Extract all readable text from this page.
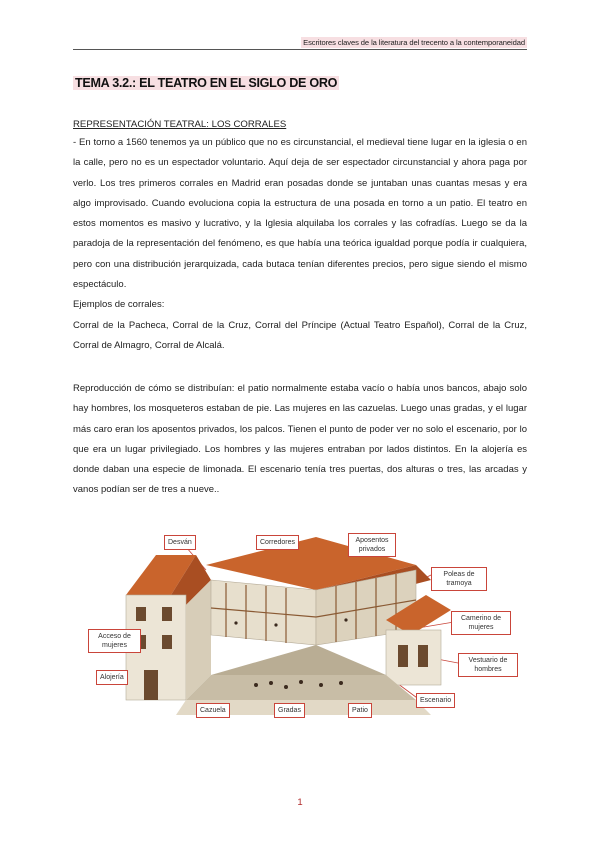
Escritores claves de la literatura del trecento a la contemporaneidad
TEMA 3.2.: EL TEATRO EN EL SIGLO DE ORO
REPRESENTACIÓN TEATRAL: LOS CORRALES

- En torno a 1560 tenemos ya un público que no es circunstancial, el medieval tiene lugar en la iglesia o en la calle, pero no es un espectador voluntario. Aquí deja de ser espectador circunstancial y ahora paga por verlo. Los tres primeros corrales en Madrid eran posadas donde se juntaban unas cuantas mesas y era algo improvisado. Cuando evoluciona copia la estructura de una posada en torno a un patio. El teatro en estos momentos es masivo y lucrativo, y la Iglesia alquilaba los corrales y las cofradías. Luego se da la paradoja de la representación del fenómeno, es que había una teórica igualdad porque podía ir cualquiera, pero con una distribución jerarquizada, cada butaca tenían diferentes precios, pero sigue siendo el mismo espectáculo.
Ejemplos de corrales:
Corral de la Pacheca, Corral de la Cruz, Corral del Príncipe (Actual Teatro Español), Corral de la Cruz, Corral de Almagro, Corral de Alcalá.

Reproducción de cómo se distribuían: el patio normalmente estaba vacío o había unos bancos, abajo solo hay hombres, los mosqueteros estaban de pie. Las mujeres en las cazuelas. Luego unas gradas, y el lugar más caro eran los aposentos privados, los palcos. Tienen el punto de poder ver no solo el escenario, por lo que era un lugar privilegiado. Los hombres y las mujeres entraban por lados distintos. En la alojería es donde daban una especie de limonada. El escenario tenía tres puertas, dos alturas o tres, las arcadas y vanos podían ser de tres a nueve..

Desván	Corredores	Aposentos privados
Poleas de tramoya
Camerino de mujeres
Acceso de mujeres
Alojería
Vestuario de hombres
Escenario
Patio
Gradas
Cazuela
1
